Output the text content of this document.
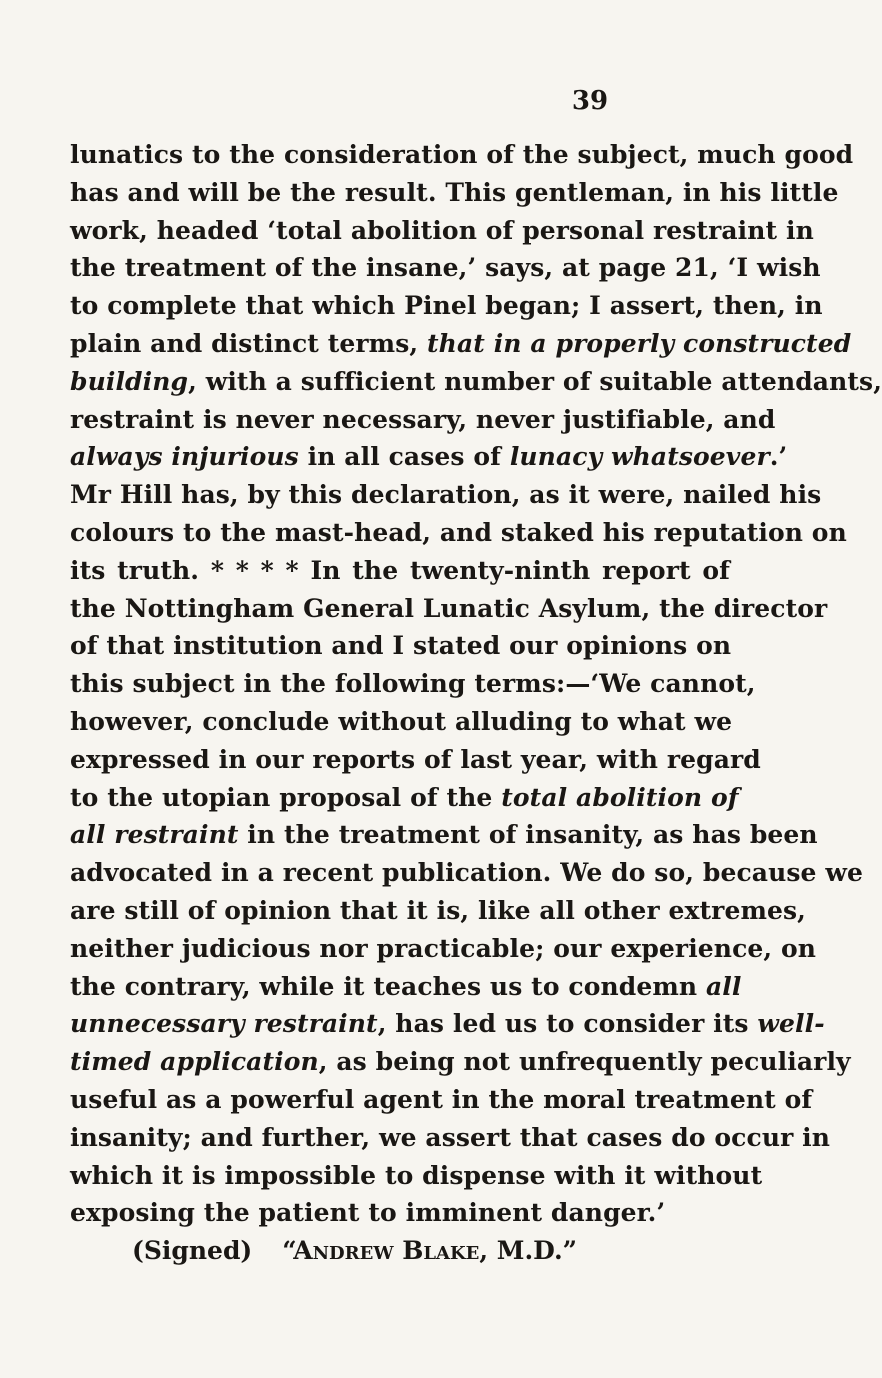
39
lunatics to the consideration of the subject, much good
has and will be the result. This gentleman, in his little
work, headed ‘total abolition of personal restraint in
the treatment of the insane,’ says, at page 21, ‘I wish
to complete that which Pinel began; I assert, then, in
plain and distinct terms, that in a properly constructed
building, with a sufficient number of suitable attendants,
restraint is never necessary, never justifiable, and
always injurious in all cases of lunacy whatsoever.’
Mr Hill has, by this declaration, as it were, nailed his
colours to the mast-head, and staked his reputation on
its truth. * * * * In the twenty-ninth report of
the Nottingham General Lunatic Asylum, the director
of that institution and I stated our opinions on
this subject in the following terms:—‘We cannot,
however, conclude without alluding to what we
expressed in our reports of last year, with regard
to the utopian proposal of the total abolition of
all restraint in the treatment of insanity, as has been
advocated in a recent publication. We do so, because we
are still of opinion that it is, like all other extremes,
neither judicious nor practicable; our experience, on
the contrary, while it teaches us to condemn all
unnecessary restraint, has led us to consider its well-
timed application, as being not unfrequently peculiarly
useful as a powerful agent in the moral treatment of
insanity; and further, we assert that cases do occur in
which it is impossible to dispense with it without
exposing the patient to imminent danger.’
(Signed) “Andrew Blake, M.D.”
